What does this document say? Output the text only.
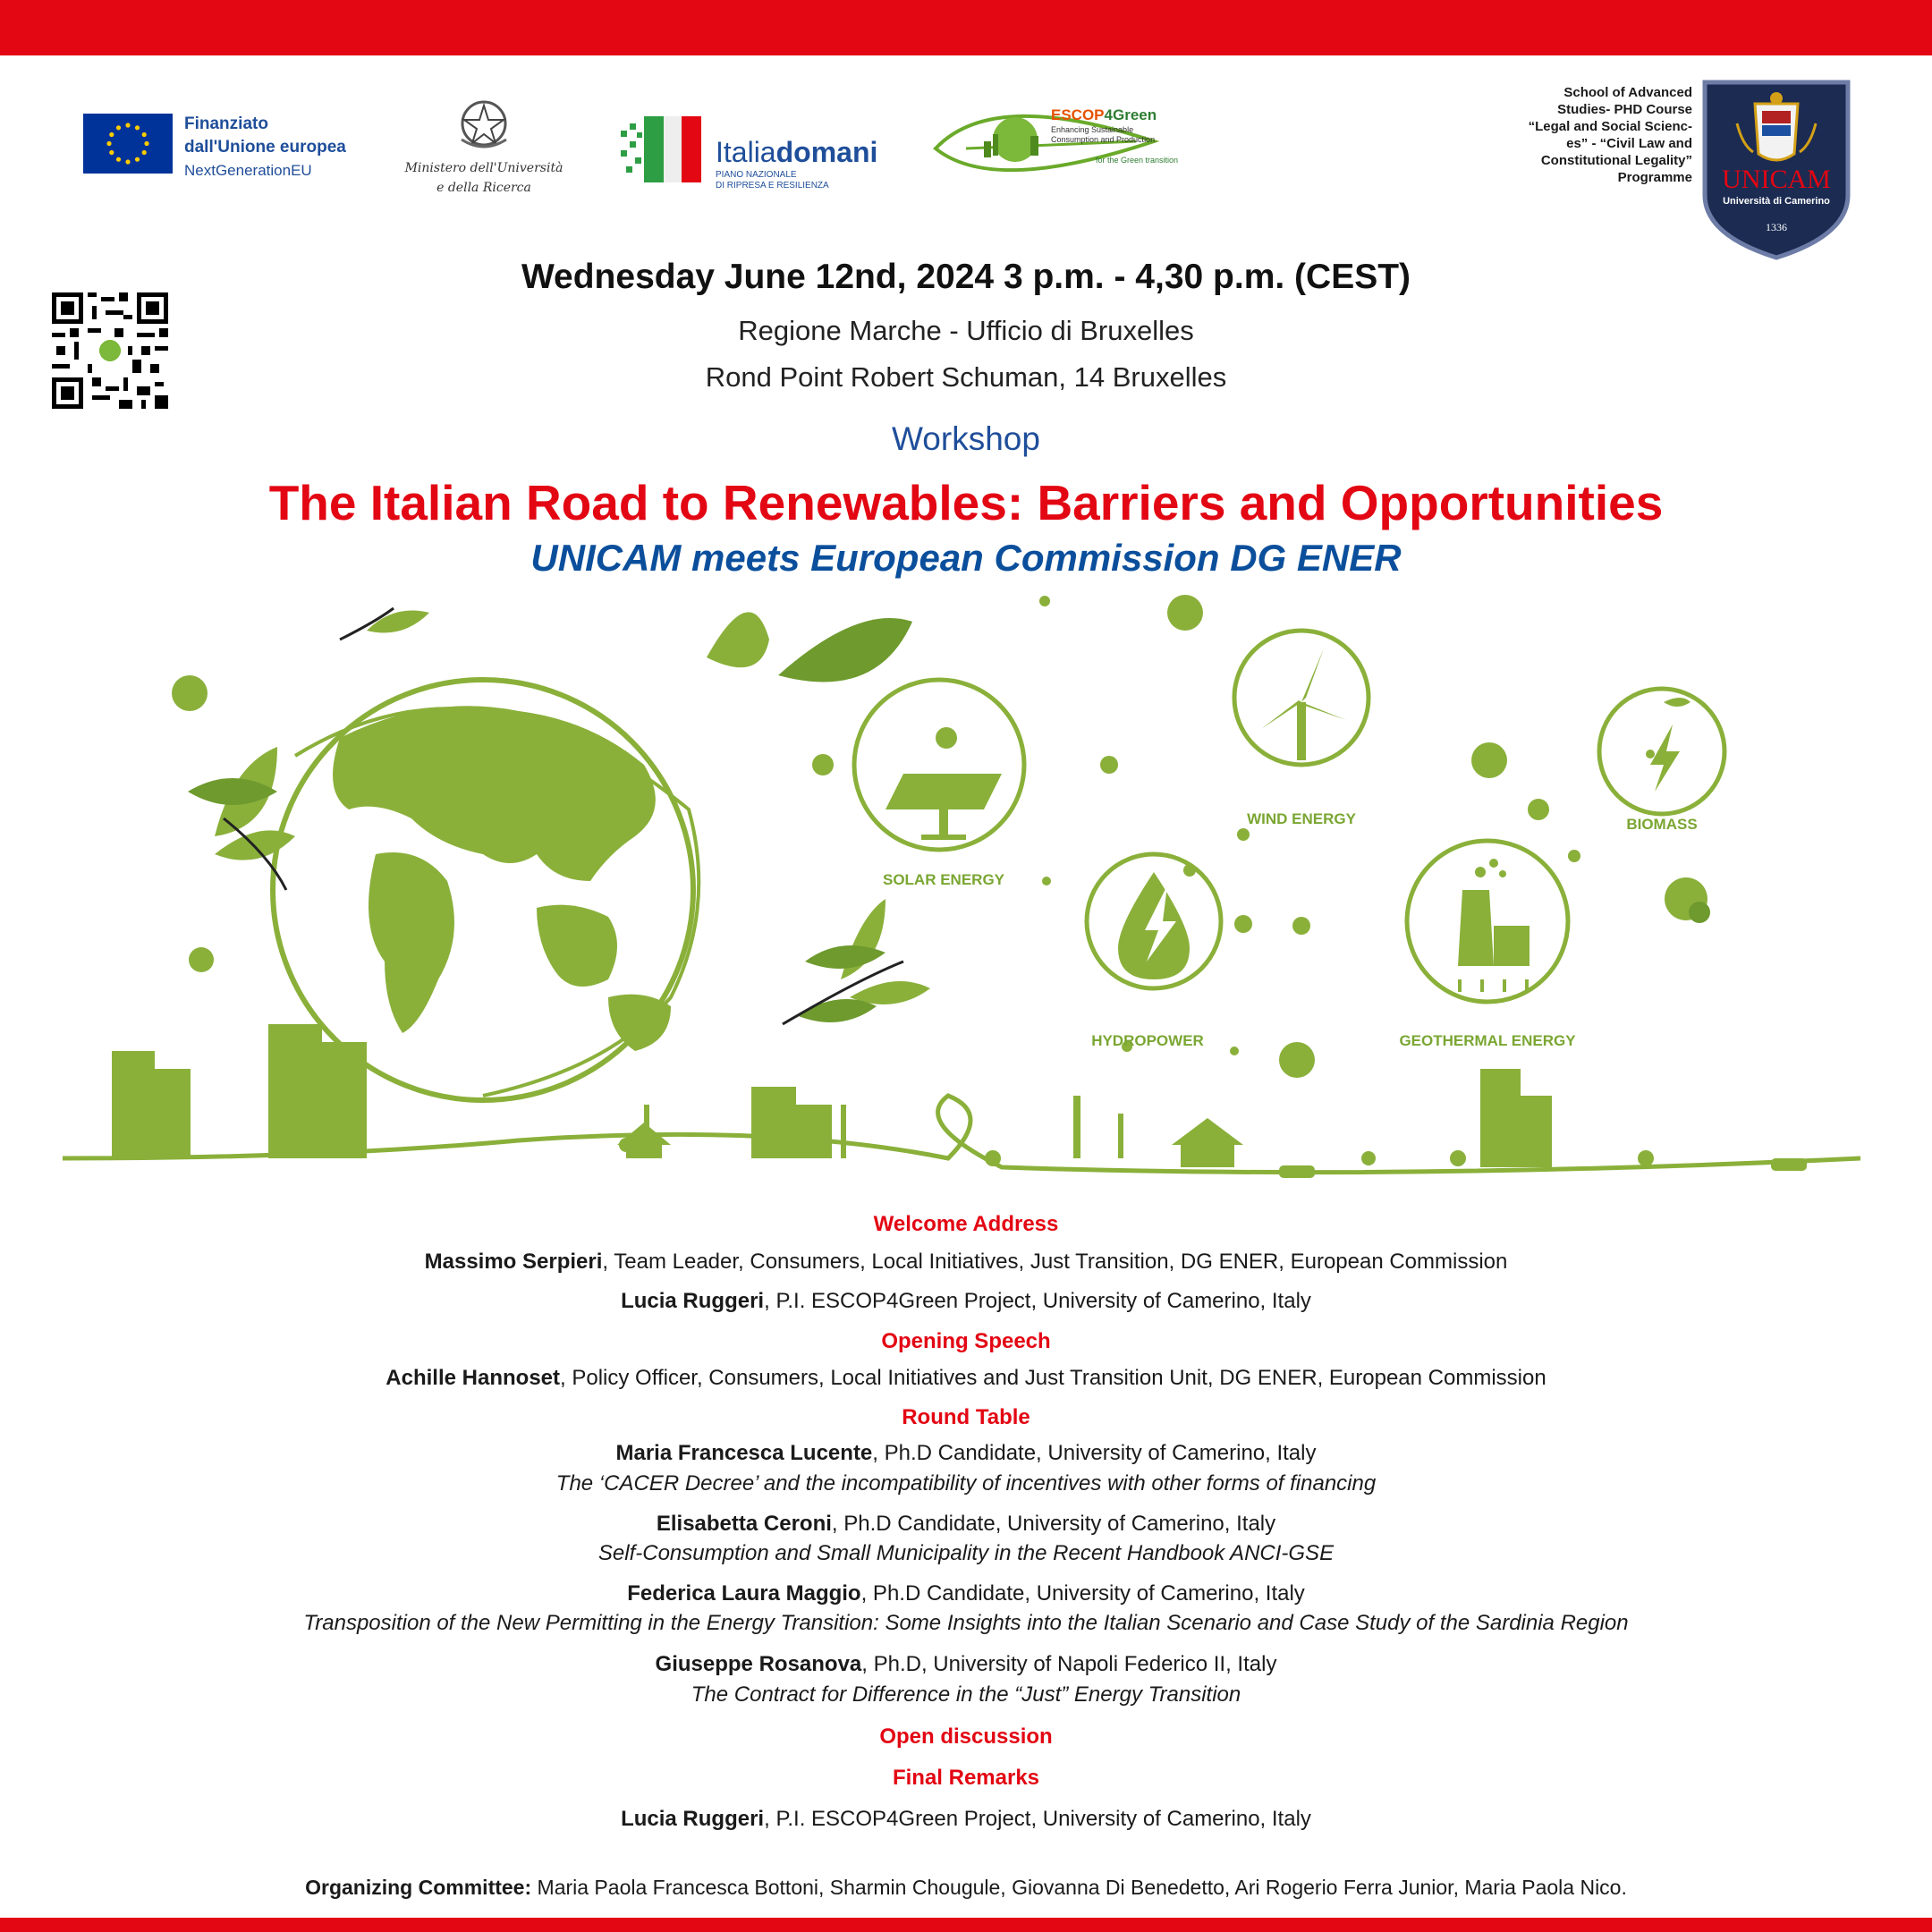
Finanziato
dall'Unione europea
NextGenerationEU	Ministero dell'Università
e della Ricerca
Italiadomani
PIANO NAZIONALE
DI RIPRESA E RESILIENZA
ESCOP4Green
Enhancing Sustainable Consumption and Production
for the Green transition
School of Advanced
Studies- PHD Course
“Legal and Social Scienc-
es” - “Civil Law and
Constitutional Legality”
Programme UNICAM
Università di Camerino
1336
Wednesday June 12nd, 2024 3 p.m. - 4,30 p.m. (CEST)
Regione Marche - Ufficio di Bruxelles
Rond Point Robert Schuman, 14 Bruxelles
Workshop
The Italian Road to Renewables: Barriers and Opportunities
UNICAM meets European Commission DG ENER
SOLAR ENERGY
WIND ENERGY	BIOMASS
HYDROPOWER	GEOTHERMAL ENERGY
Welcome Address
Massimo Serpieri, Team Leader, Consumers, Local Initiatives, Just Transition, DG ENER, European Commission
Lucia Ruggeri, P.I. ESCOP4Green Project, University of Camerino, Italy
Opening Speech
Achille Hannoset, Policy Officer, Consumers, Local Initiatives and Just Transition Unit, DG ENER, European Commission
Round Table
Maria Francesca Lucente, Ph.D Candidate, University of Camerino, Italy
The ‘CACER Decree’ and the incompatibility of incentives with other forms of financing
Elisabetta Ceroni, Ph.D Candidate, University of Camerino, Italy
Self-Consumption and Small Municipality in the Recent Handbook ANCI-GSE
Federica Laura Maggio, Ph.D Candidate, University of Camerino, Italy
Transposition of the New Permitting in the Energy Transition: Some Insights into the Italian Scenario and Case Study of the Sardinia Region
Giuseppe Rosanova, Ph.D, University of Napoli Federico II, Italy
The Contract for Difference in the “Just” Energy Transition
Open discussion
Final Remarks
Lucia Ruggeri, P.I. ESCOP4Green Project, University of Camerino, Italy
Organizing Committee: Maria Paola Francesca Bottoni, Sharmin Chougule, Giovanna Di Benedetto, Ari Rogerio Ferra Junior, Maria Paola Nico.
